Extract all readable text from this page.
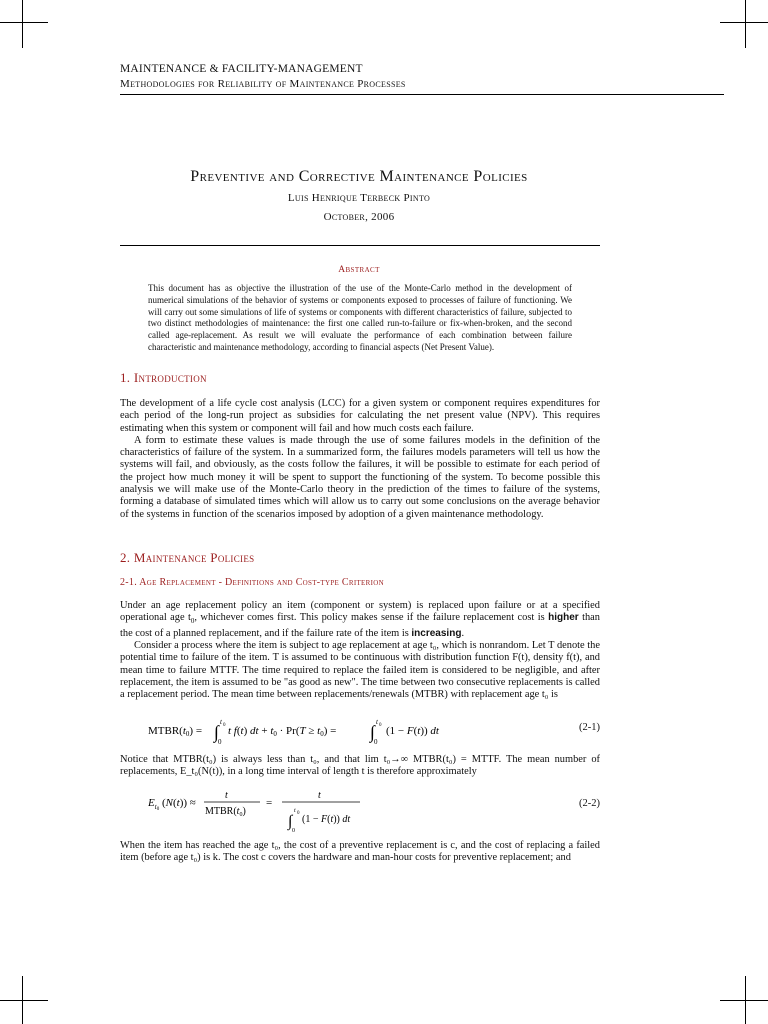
MAINTENANCE & FACILITY-MANAGEMENT
Methodologies for Reliability of Maintenance Processes
Preventive and Corrective Maintenance Policies
Luis Henrique Terbeck Pinto
October, 2006
Abstract
This document has as objective the illustration of the use of the Monte-Carlo method in the development of numerical simulations of the behavior of systems or components exposed to processes of failure of functioning. We will carry out some simulations of life of systems or components with different characteristics of failure, subjected to two distinct methodologies of maintenance: the first one called run-to-failure or fix-when-broken, and the second called age-replacement. As result we will evaluate the performance of each combination between failure characteristic and maintenance methodology, according to financial aspects (Net Present Value).
1. Introduction

The development of a life cycle cost analysis (LCC) for a given system or component requires expenditures for each period of the long-run project as subsidies for calculating the net present value (NPV). This requires estimating when this system or component will fail and how much costs each failure.

A form to estimate these values is made through the use of some failures models in the definition of the characteristics of failure of the system. In a summarized form, the failures models parameters will tell us how the systems will fail, and obviously, as the costs follow the failures, it will be possible to estimate for each period of the project how much money it will be spent to support the functioning of the system. To become possible this analysis we will make use of the Monte-Carlo theory in the prediction of the times to failure of the systems, forming a database of simulated times which will allow us to carry out some conclusions on the average behavior of the systems in function of the scenarios imposed by adoption of a given maintenance methodology.

2. Maintenance Policies
2-1. Age Replacement - Definitions and Cost-type Criterion

Under an age replacement policy an item (component or system) is replaced upon failure or at a specified operational age $t_0$, whichever comes first. This policy makes sense if the failure replacement cost is higher than the cost of a planned replacement, and if the failure rate of the item is increasing.

Consider a process where the item is subject to age replacement at age t₀, which is nonrandom. Let T denote the potential time to failure of the item. T is assumed to be continuous with distribution function F(t), density f(t), and mean time to failure MTTF. The time required to replace the failed item is considered to be negligible, and after replacement, the item is assumed to be "as good as new". The time between two consecutive replacements is called a replacement period. The mean time between replacements/renewals (MTBR) with replacement age t₀ is

MTBR(t0) = ∫ t 0
0
t f(t) dt + t0 · Pr(T ≥ t0) = ∫ t 0
0
(1 − F(t)) dt	(2-1)

Notice that MTBR(t₀) is always less than t₀, and that lim t₀→∞ MTBR(t₀) = MTTF. The mean number of replacements, E_t₀(N(t)), in a long time interval of length t is therefore approximately

$E_t0$ (N(t)) ≈
t
$MTBR(t_0)$
=
t
∫
t 0
0
(1 − F(t)) dt
(2-2)

When the item has reached the age t₀, the cost of a preventive replacement is c, and the cost of replacing a failed item (before age t₀) is k. The cost c covers the hardware and man-hour costs for preventive replacement; and
